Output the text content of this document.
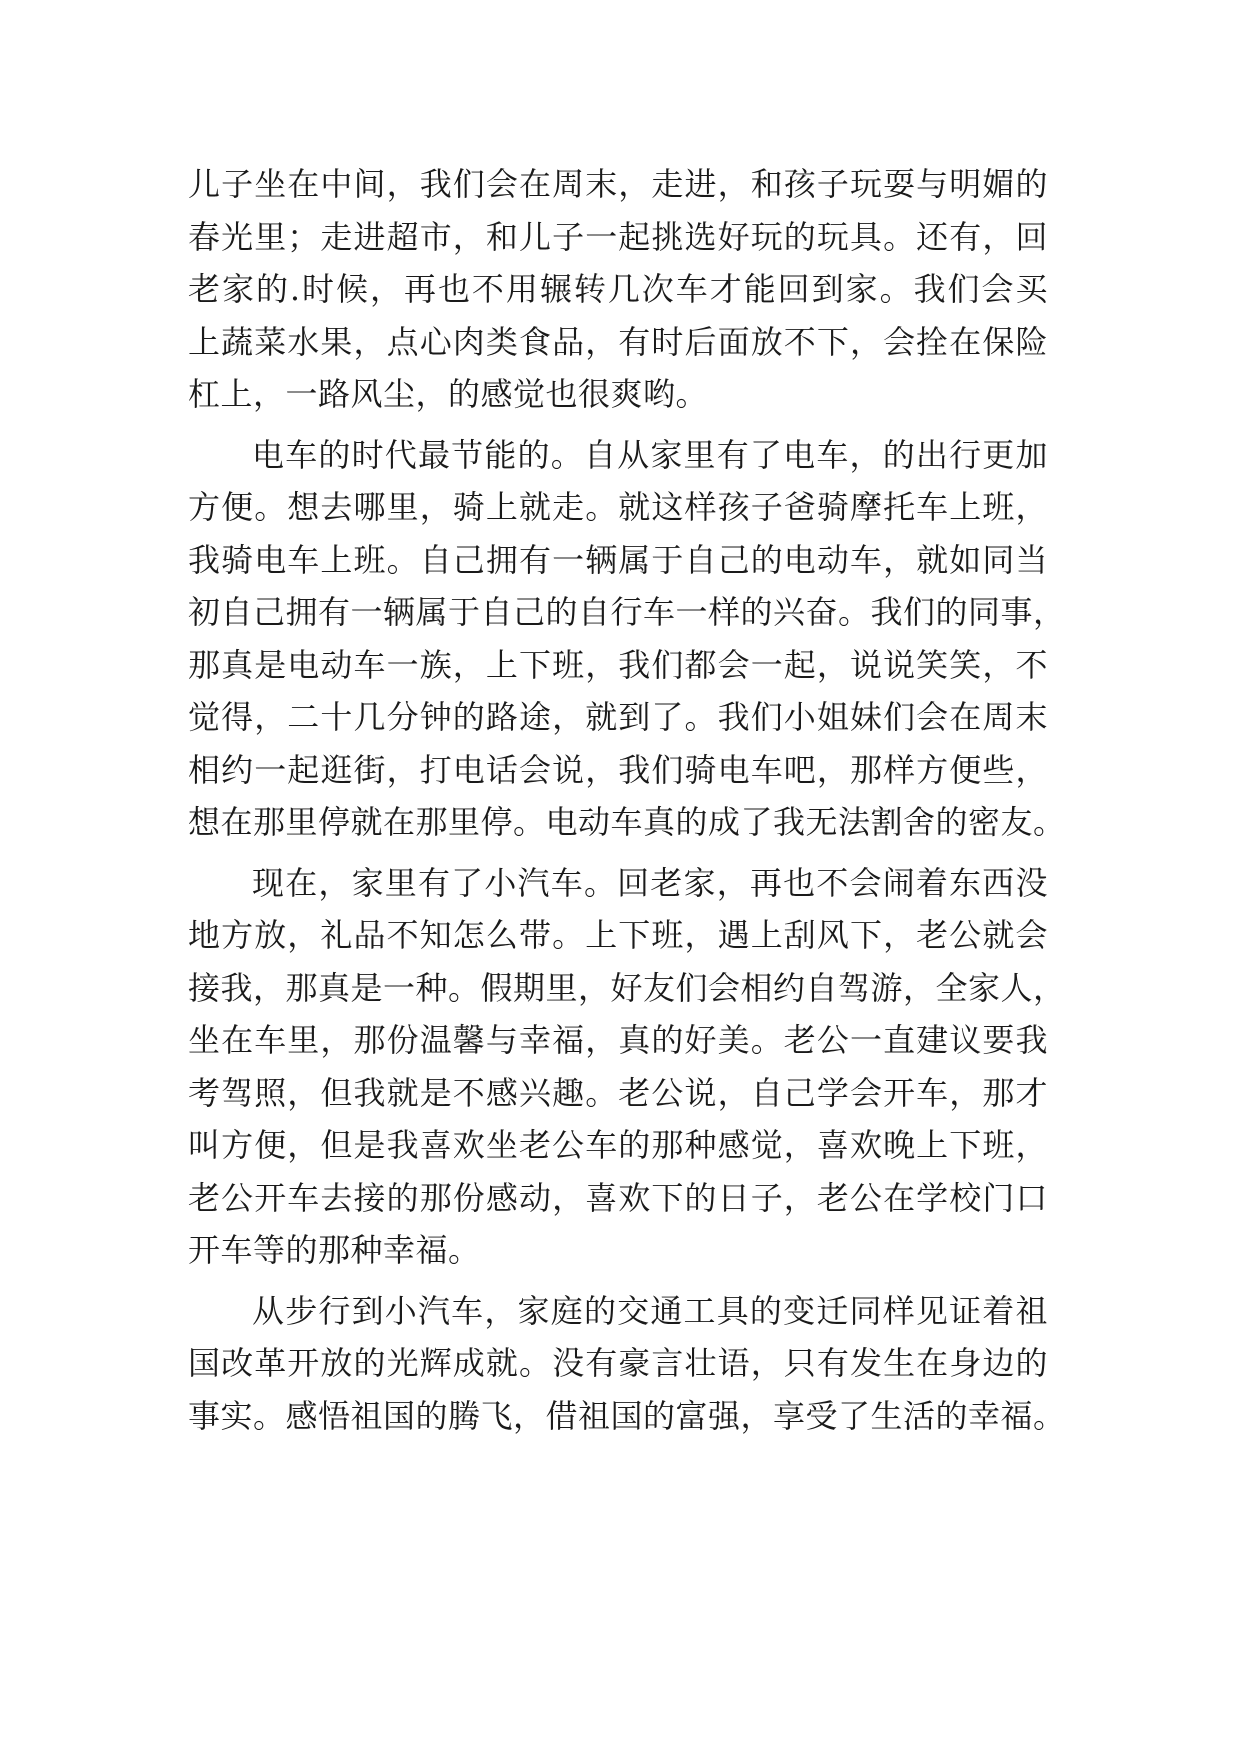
儿子坐在中间，我们会在周末，走进，和孩子玩耍与明媚的
春光里；走进超市，和儿子一起挑选好玩的玩具。还有，回
老家的.时候，再也不用辗转几次车才能回到家。我们会买
上蔬菜水果，点心肉类食品，有时后面放不下，会拴在保险
杠上，一路风尘，的感觉也很爽哟。
电车的时代最节能的。自从家里有了电车，的出行更加
方便。想去哪里，骑上就走。就这样孩子爸骑摩托车上班，
我骑电车上班。自己拥有一辆属于自己的电动车，就如同当
初自己拥有一辆属于自己的自行车一样的兴奋。我们的同事，
那真是电动车一族，上下班，我们都会一起，说说笑笑，不
觉得，二十几分钟的路途，就到了。我们小姐妹们会在周末
相约一起逛街，打电话会说，我们骑电车吧，那样方便些，
想在那里停就在那里停。电动车真的成了我无法割舍的密友。
现在，家里有了小汽车。回老家，再也不会闹着东西没
地方放，礼品不知怎么带。上下班，遇上刮风下，老公就会
接我，那真是一种。假期里，好友们会相约自驾游，全家人，
坐在车里，那份温馨与幸福，真的好美。老公一直建议要我
考驾照，但我就是不感兴趣。老公说，自己学会开车，那才
叫方便，但是我喜欢坐老公车的那种感觉，喜欢晚上下班，
老公开车去接的那份感动，喜欢下的日子，老公在学校门口
开车等的那种幸福。
从步行到小汽车，家庭的交通工具的变迁同样见证着祖
国改革开放的光辉成就。没有豪言壮语，只有发生在身边的
事实。感悟祖国的腾飞，借祖国的富强，享受了生活的幸福。
